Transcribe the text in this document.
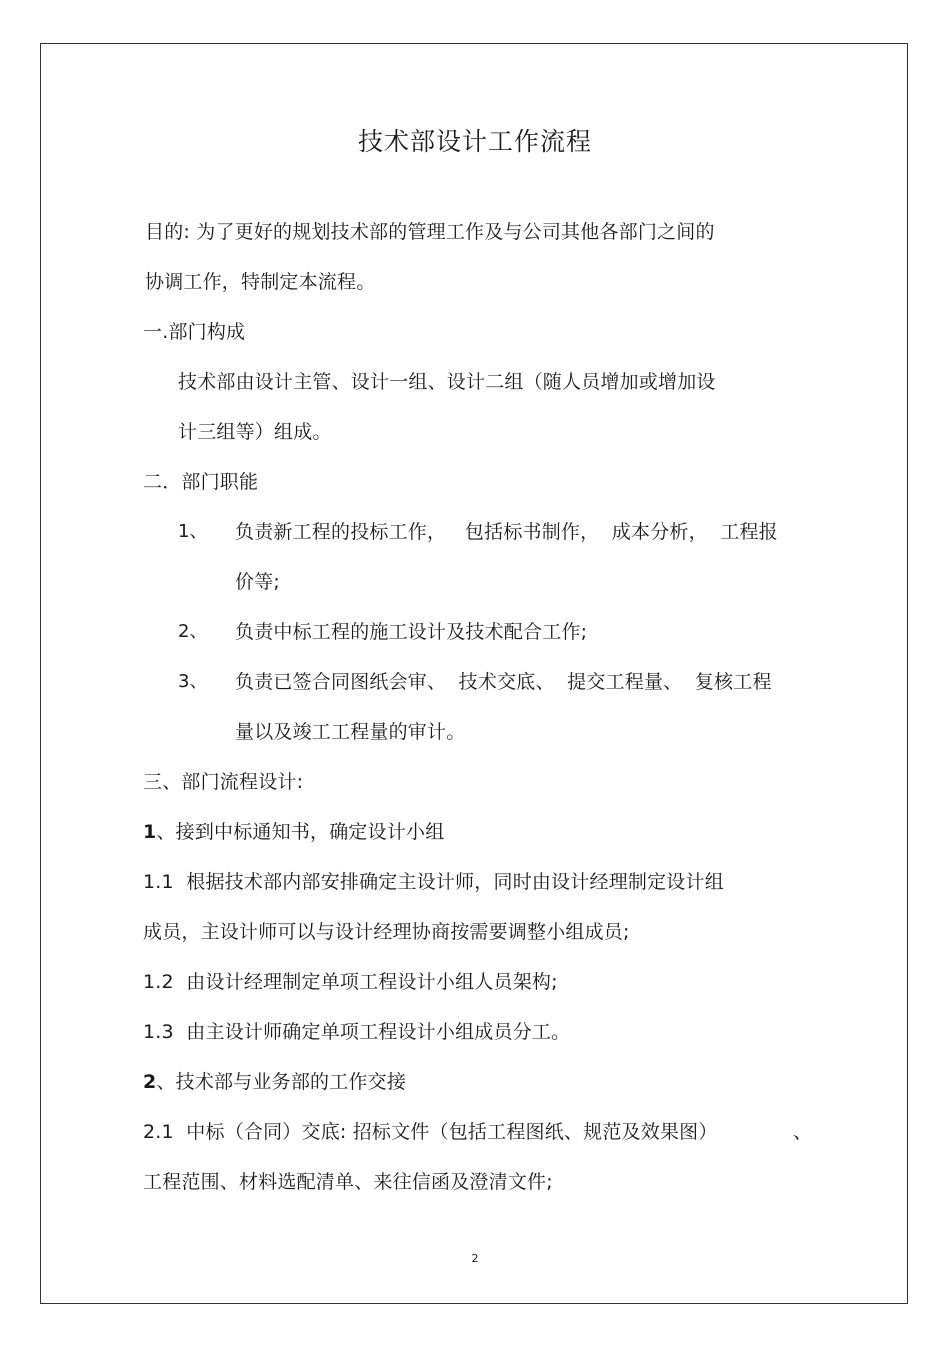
技术部设计工作流程
目的: 为了更好的规划技术部的管理工作及与公司其他各部门之间的
协调工作，特制定本流程。
一.部门构成
技术部由设计主管、设计一组、设计二组（随人员增加或增加设
计三组等）组成。
二．部门职能
1、 负责新工程的投标工作，   包括标书制作，  成本分析，  工程报
价等;
2、 负责中标工程的施工设计及技术配合工作;
3、 负责已签合同图纸会审、  技术交底、  提交工程量、  复核工程
量以及竣工工程量的审计。
三、部门流程设计:
1、接到中标通知书，确定设计小组
1.1  根据技术部内部安排确定主设计师，同时由设计经理制定设计组
成员，主设计师可以与设计经理协商按需要调整小组成员;
1.2  由设计经理制定单项工程设计小组人员架构;
1.3  由主设计师确定单项工程设计小组成员分工。
2、技术部与业务部的工作交接
2.1  中标（合同）交底: 招标文件（包括工程图纸、规范及效果图）	、
工程范围、材料选配清单、来往信函及澄清文件;
2
